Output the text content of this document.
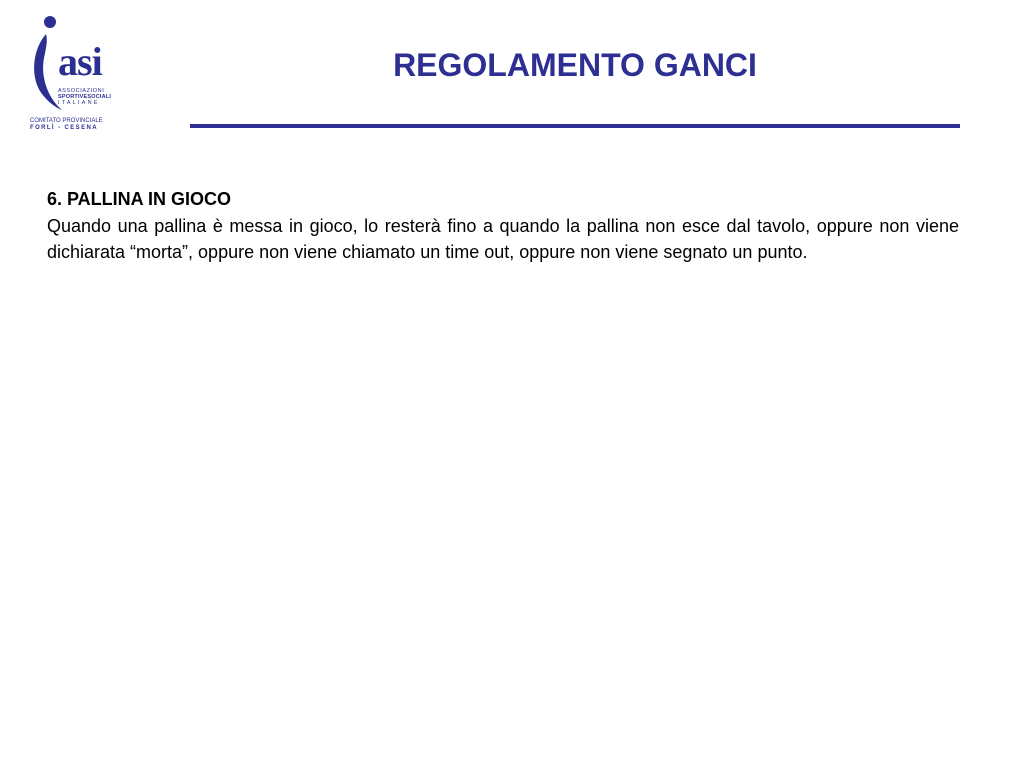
asi
ASSOCIAZIONI
SPORTIVESOCIALI
ITALIANE
COMITATO PROVINCIALE
FORLÌ - CESENA
REGOLAMENTO GANCI

6. PALLINA IN GIOCO

Quando una pallina è messa in gioco, lo resterà fino a quando la pallina non esce dal tavolo, oppure non viene dichiarata “morta”, oppure non viene chiamato un time out, oppure non viene segnato un punto.
